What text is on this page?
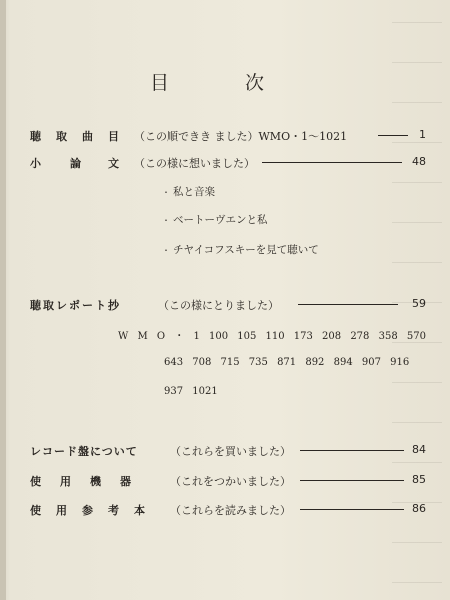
目	次
聴 取 曲 目 （この順できき ました）WMO・1〜1021	1
小	論 文 （この様に想いました）	48
・ 私と音楽
・ ベートーヴエンと私
・ チヤイコフスキーを見て聴いて
聴取レポート抄	（この様にとりました）	59
W M O ・ 1 100 105 110 173 208 278 358 570
643 708 715 735 871 892 894 907 916
937 1021
レコード盤について	（これらを買いました）	84
使 用 機 器	（これをつかいました）	85
使 用 参 考 本 （これらを読みました）	86
